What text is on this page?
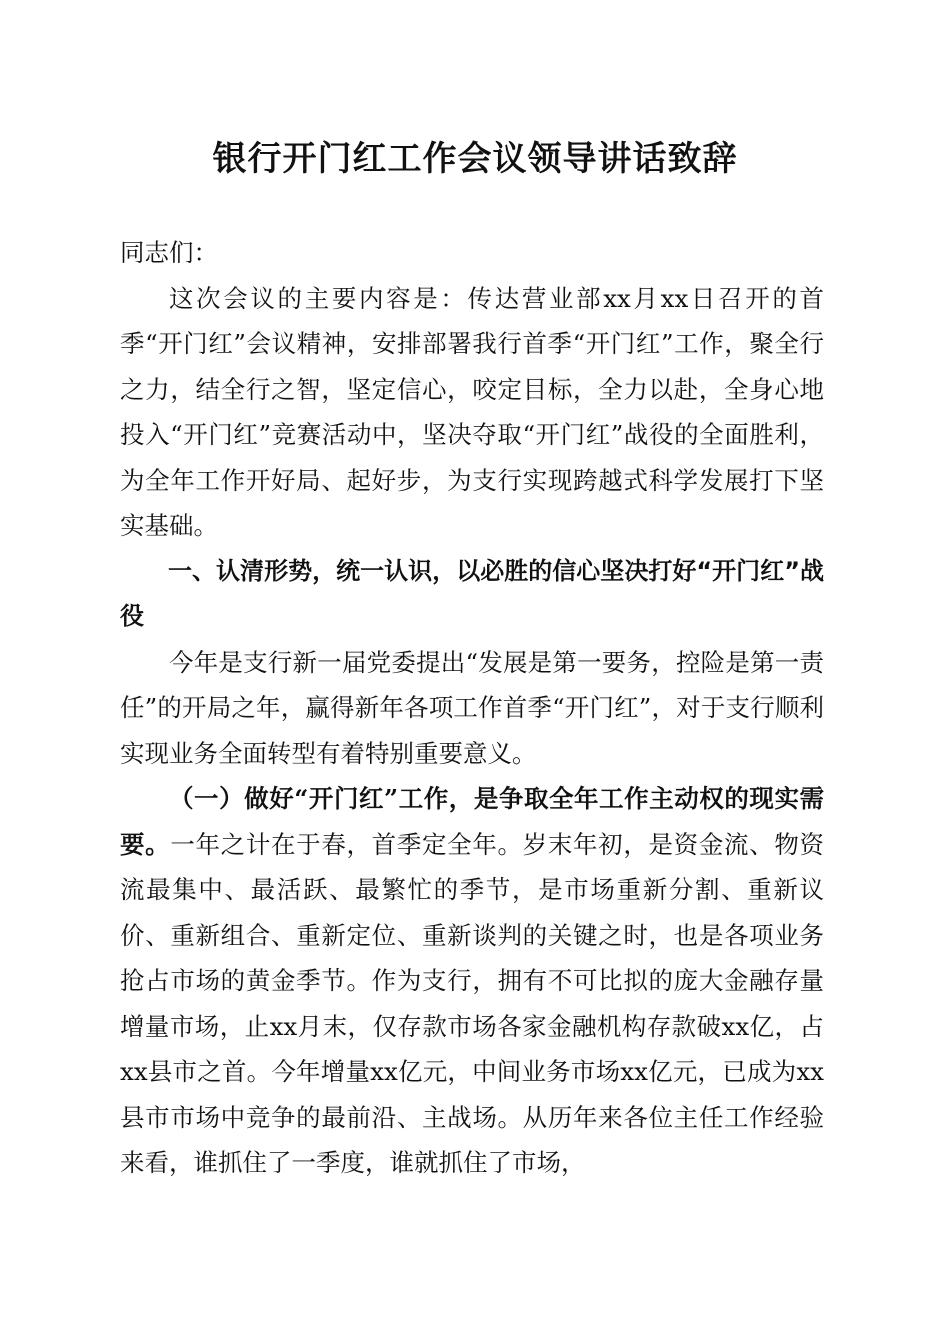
银行开门红工作会议领导讲话致辞

同志们：

这次会议的主要内容是：传达营业部xx月xx日召开的首季“开门红”会议精神，安排部署我行首季“开门红”工作，聚全行之力，结全行之智，坚定信心，咬定目标，全力以赴，全身心地投入“开门红”竞赛活动中，坚决夺取“开门红”战役的全面胜利，为全年工作开好局、起好步，为支行实现跨越式科学发展打下坚实基础。

一、认清形势，统一认识，以必胜的信心坚决打好“开门红”战役

今年是支行新一届党委提出“发展是第一要务，控险是第一责任”的开局之年，赢得新年各项工作首季“开门红”，对于支行顺利实现业务全面转型有着特别重要意义。

（一）做好“开门红”工作，是争取全年工作主动权的现实需要。一年之计在于春，首季定全年。岁末年初，是资金流、物资流最集中、最活跃、最繁忙的季节，是市场重新分割、重新议价、重新组合、重新定位、重新谈判的关键之时，也是各项业务抢占市场的黄金季节。作为支行，拥有不可比拟的庞大金融存量增量市场，止xx月末，仅存款市场各家金融机构存款破xx亿，占xx县市之首。今年增量xx亿元，中间业务市场xx亿元，已成为xx县市市场中竞争的最前沿、主战场。从历年来各位主任工作经验来看，谁抓住了一季度，谁就抓住了市场，
